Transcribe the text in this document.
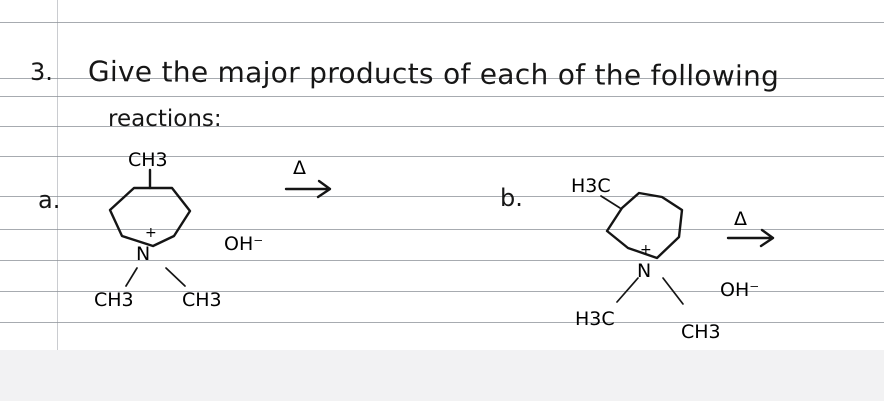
3. Give the major products of each of the following
reactions:
a.	b.
CH3
+
N
CH3	CH3
OH⁻
Δ
H3C
+
N
H3C
CH3
OH⁻
Δ
